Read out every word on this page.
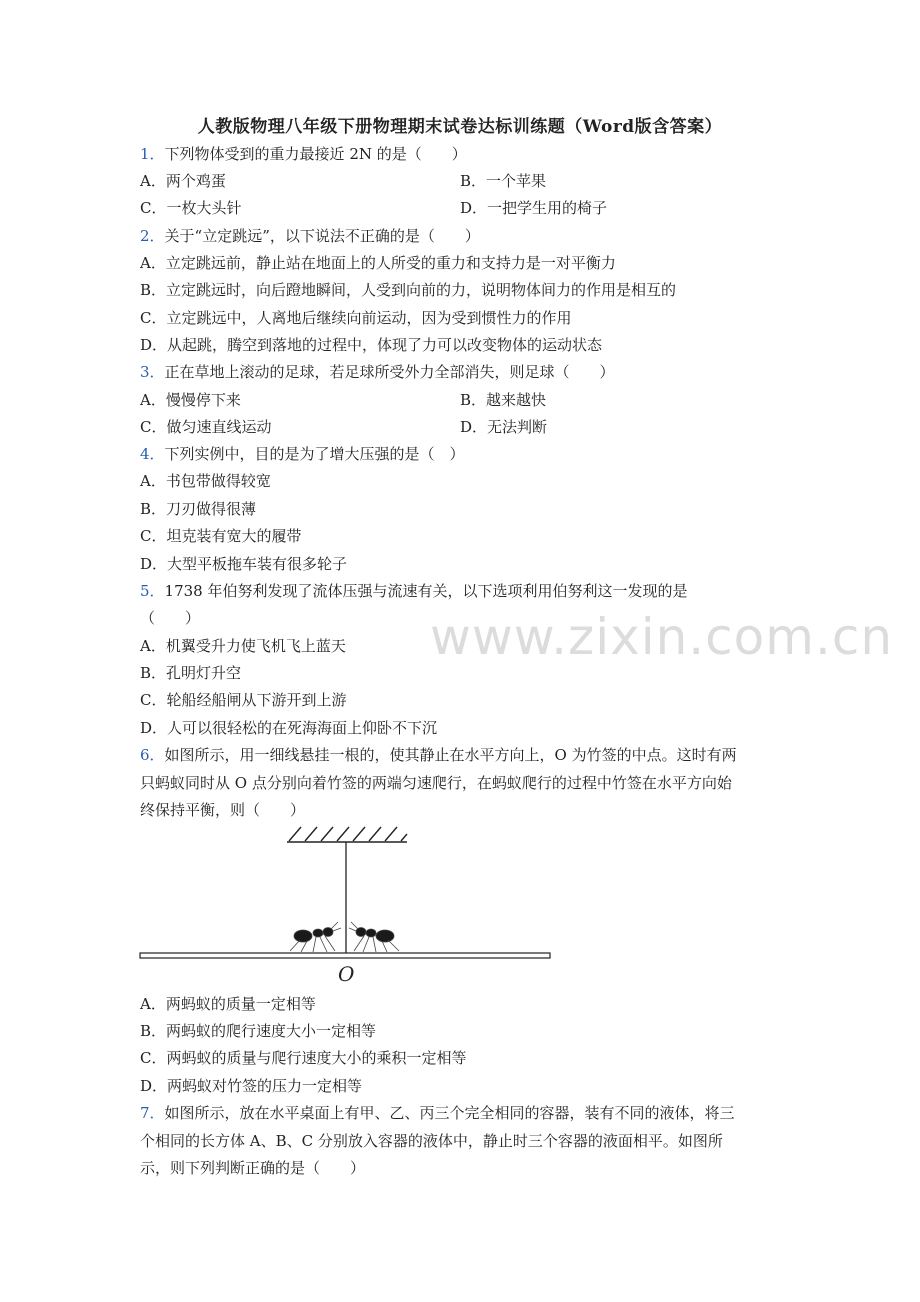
人教版物理八年级下册物理期末试卷达标训练题（Word版含答案）
1．下列物体受到的重力最接近 2N 的是（　　）
A．两个鸡蛋	B．一个苹果
C．一枚大头针	D．一把学生用的椅子
2．关于“立定跳远”，以下说法不正确的是（　　）
A．立定跳远前，静止站在地面上的人所受的重力和支持力是一对平衡力
B．立定跳远时，向后蹬地瞬间，人受到向前的力，说明物体间力的作用是相互的
C．立定跳远中，人离地后继续向前运动，因为受到惯性力的作用
D．从起跳，腾空到落地的过程中，体现了力可以改变物体的运动状态
3．正在草地上滚动的足球，若足球所受外力全部消失，则足球（　　）
A．慢慢停下来	B．越来越快
C．做匀速直线运动	D．无法判断
4．下列实例中，目的是为了增大压强的是（　）
A．书包带做得较宽
B．刀刃做得很薄
C．坦克装有宽大的履带
D．大型平板拖车装有很多轮子
5．1738 年伯努利发现了流体压强与流速有关，以下选项利用伯努利这一发现的是
（　　）
A．机翼受升力使飞机飞上蓝天
B．孔明灯升空
C．轮船经船闸从下游开到上游
D．人可以很轻松的在死海海面上仰卧不下沉
6．如图所示，用一细线悬挂一根的，使其静止在水平方向上，O 为竹签的中点。这时有两
只蚂蚁同时从 O 点分别向着竹签的两端匀速爬行，在蚂蚁爬行的过程中竹签在水平方向始
终保持平衡，则（　　）
O
A．两蚂蚁的质量一定相等
B．两蚂蚁的爬行速度大小一定相等
C．两蚂蚁的质量与爬行速度大小的乘积一定相等
D．两蚂蚁对竹签的压力一定相等
7．如图所示，放在水平桌面上有甲、乙、丙三个完全相同的容器，装有不同的液体，将三
个相同的长方体 A、B、C 分别放入容器的液体中，静止时三个容器的液面相平。如图所
示，则下列判断正确的是（　　）
www.zixin.com.cn
